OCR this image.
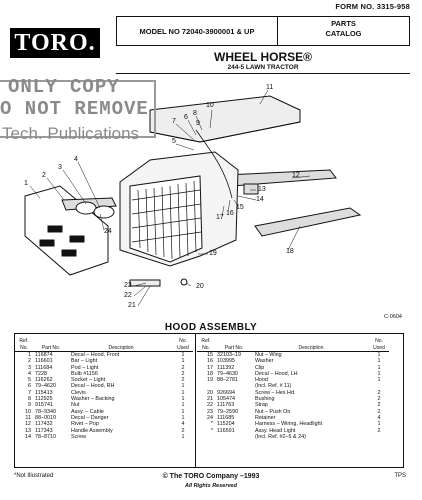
FORM NO. 3315-958
TORO.	MODEL NO 72040-3900001 & UP
PARTS
CATALOG
WHEEL HORSE®
244-5 LAWN TRACTOR
1
2
3
4
5
6
7
8
9
10
11
12
13
14
15
16
17
18
19
20
21
22
23
24
ONLY COPY
O NOT REMOVE
Tech. Publications
C-0604
HOOD ASSEMBLY
Ref. No.	Part No.	Description	No. Used
1	116874	Decal – Hood, Front	1
2	116601	Bar – Light	1
3	111684	Pod – Light	2
4	7228	Bulb #1156	2
5	116262	Socket – Light	2
6	79–4620	Decal – Hood, RH	1
7	115413	Clevis	1
8	112925	Washer – Backing	1
9	915741	Nut	1
10	78–9340	Assy. – Cable	1
11	88–0010	Decal – Danger	1
12	117432	Rivet – Pop	4
13	117343	Handle Assembly	2
14	78–8710	Screw	1
Ref. No.	Part No.	Description	No. Used
15	32103–19	Nut – Wing	1
16	103995	Washer	1
17	111392	Clip	1
18	79–4630	Decal – Hood, LH	1
19	88–2781	Hood	1
		(Incl. Ref. # 11)	
20	926694	Screw – Hex Hd.	2
21	105474	Bushing	2
22	111763	Strap	2
23	79–2590	Nut – Push On	2
24	111685	Retainer	4
*	115204	Harness – Wiring, Headlight	1
*	116591	Assy. Head Light	2
		(Incl. Ref. #2–5 & 24)	
*Not Illustrated	© The TORO Company –1993
All Rights Reserved
TPS
